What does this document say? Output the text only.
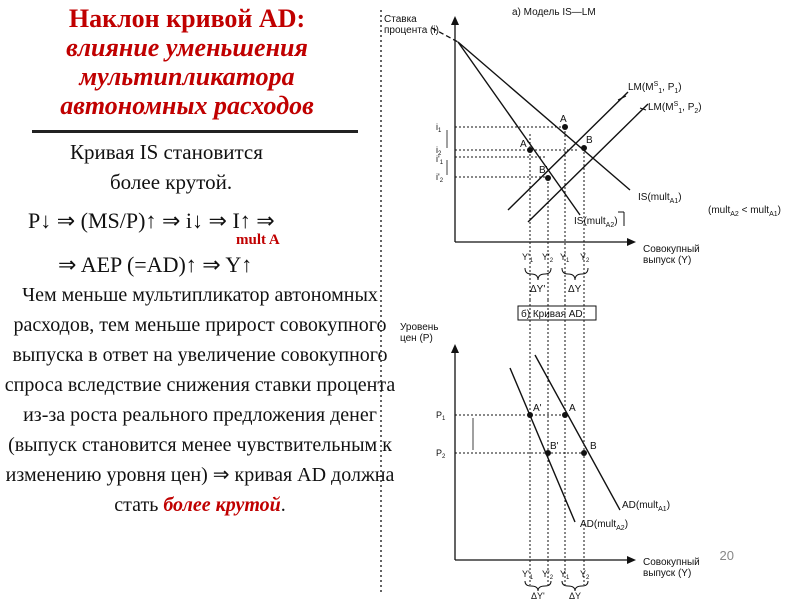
Наклон кривой AD:
влияние уменьшения мультипликатора автономных расходов
Кривая IS становится
более крутой.
P↓ ⇒ (MS/P)↑ ⇒ i↓ ⇒ I↑ ⇒
mult A
⇒ AEP (=AD)↑ ⇒ Y↑
Чем меньше мультипликатор автономных расходов, тем меньше прирост совокупного выпуска в ответ на увеличение совокупного спроса вследствие снижения ставки процента из-за роста реального предложения денег (выпуск становится менее чувствительным к изменению уровня цен) ⇒ кривая AD должна стать более крутой.
20
а) Модель IS—LM
Ставка процента (i)
Совокупный выпуск (Y)
$LM(M^S_1$, $P_1$)
$LM(M^S_1$, $P_2$)
IS(mult$_{A1}$)
IS(mult$_{A2}$)
(mult$_{A2}$ < mult$_{A1}$)
A
B
A'
B'
$i_1$
$i_2$
$i'_1$
$i'_2$
$Y'_1$ $Y'_2$ $Y_1$ $Y_2$
ΔY' ΔY
б) Кривая AD
Уровень цен (P)
Совокупный выпуск (Y)
AD(mult$_{A1}$)
AD(mult$_{A2}$)
A
B
A'
B'
$P_1$
$P_2$
$Y'_1$ $Y'_2$ $Y_1$ $Y_2$
ΔY'	ΔY
